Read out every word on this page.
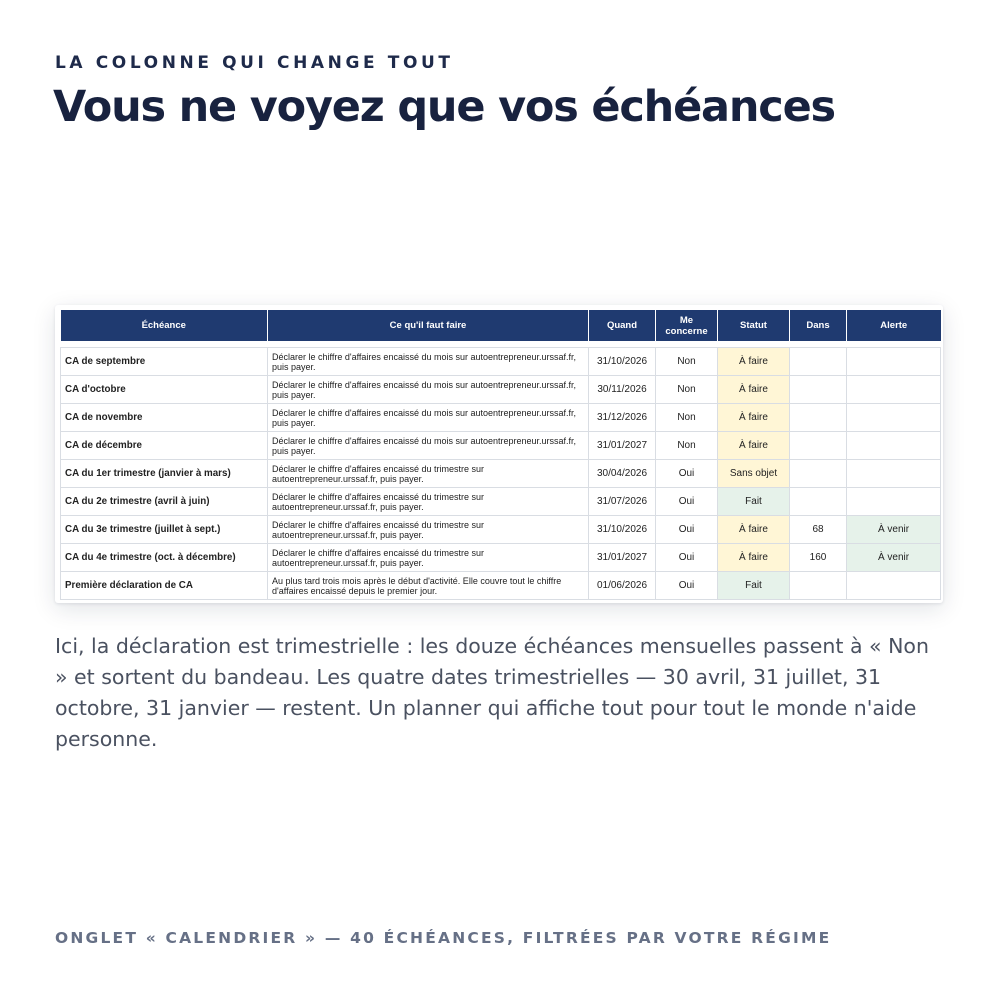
LA COLONNE QUI CHANGE TOUT
Vous ne voyez que vos échéances
Échéance	Ce qu'il faut faire	Quand	Me concerne	Statut	Dans	Alerte

CA de septembre	Déclarer le chiffre d'affaires encaissé du mois sur autoentrepreneur.urssaf.fr, puis payer.	31/10/2026	Non	À faire		
CA d'octobre	Déclarer le chiffre d'affaires encaissé du mois sur autoentrepreneur.urssaf.fr, puis payer.	30/11/2026	Non	À faire		
CA de novembre	Déclarer le chiffre d'affaires encaissé du mois sur autoentrepreneur.urssaf.fr, puis payer.	31/12/2026	Non	À faire		
CA de décembre	Déclarer le chiffre d'affaires encaissé du mois sur autoentrepreneur.urssaf.fr, puis payer.	31/01/2027	Non	À faire		
CA du 1er trimestre (janvier à mars)	Déclarer le chiffre d'affaires encaissé du trimestre sur autoentrepreneur.urssaf.fr, puis payer.	30/04/2026	Oui	Sans objet		
CA du 2e trimestre (avril à juin)	Déclarer le chiffre d'affaires encaissé du trimestre sur autoentrepreneur.urssaf.fr, puis payer.	31/07/2026	Oui	Fait		
CA du 3e trimestre (juillet à sept.)	Déclarer le chiffre d'affaires encaissé du trimestre sur autoentrepreneur.urssaf.fr, puis payer.	31/10/2026	Oui	À faire	68	À venir
CA du 4e trimestre (oct. à décembre)	Déclarer le chiffre d'affaires encaissé du trimestre sur autoentrepreneur.urssaf.fr, puis payer.	31/01/2027	Oui	À faire	160	À venir
Première déclaration de CA	Au plus tard trois mois après le début d'activité. Elle couvre tout le chiffre d'affaires encaissé depuis le premier jour.	01/06/2026	Oui	Fait		

Ici, la déclaration est trimestrielle : les douze échéances mensuelles passent à « Non » et sortent du bandeau. Les quatre dates trimestrielles — 30 avril, 31 juillet, 31 octobre, 31 janvier — restent. Un planner qui affiche tout pour tout le monde n'aide personne.

ONGLET « CALENDRIER » — 40 ÉCHÉANCES, FILTRÉES PAR VOTRE RÉGIME
